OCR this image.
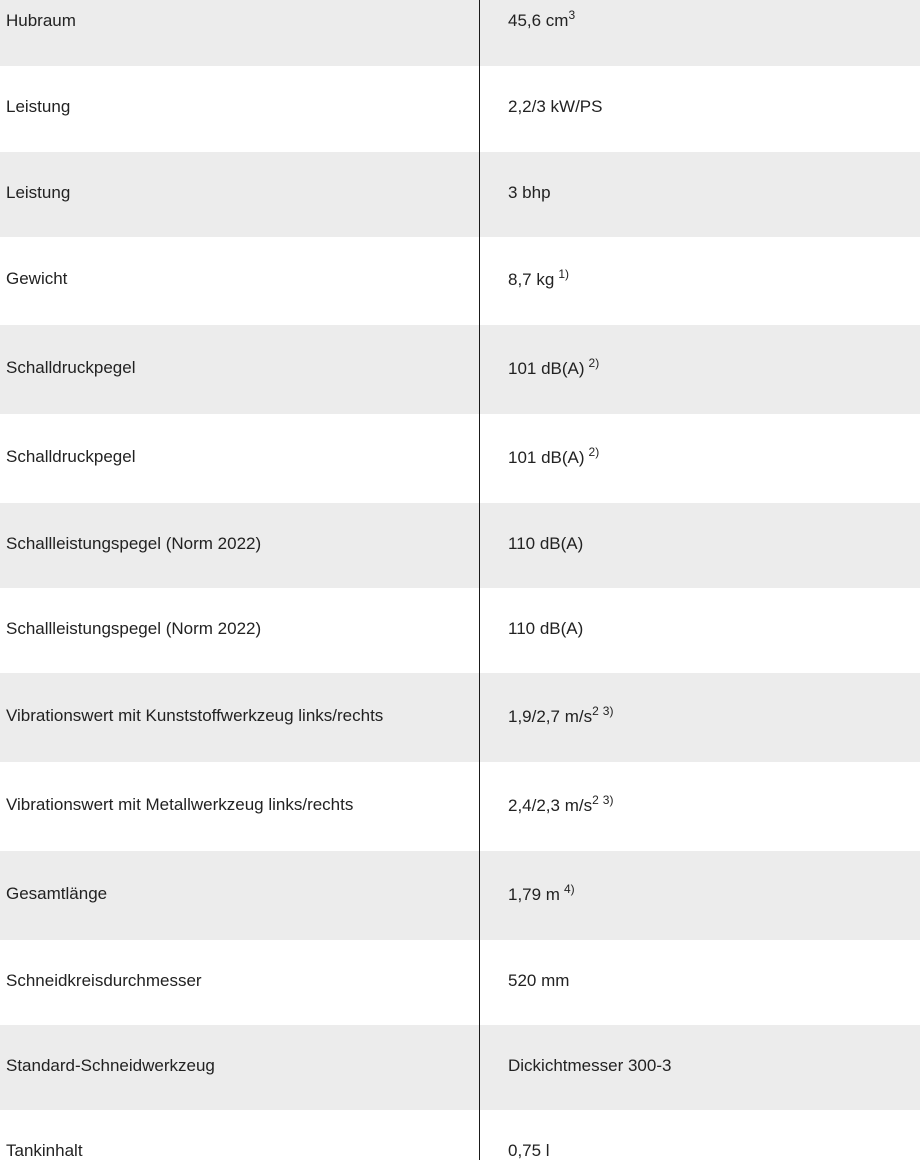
Hubraum	45,6 $cm^3$
Leistung	2,2/3 kW/PS
Leistung	3 bhp
Gewicht	8,7 kg $^{1)}$
Schalldruckpegel	101 dB(A) $^{2)}$
Schalldruckpegel	101 dB(A) $^{2)}$
Schallleistungspegel (Norm 2022)	110 dB(A)
Schallleistungspegel (Norm 2022)	110 dB(A)
Vibrationswert mit Kunststoffwerkzeug links/rechts	1,9/2,7 $m/s^2$ $^{3)}$
Vibrationswert mit Metallwerkzeug links/rechts	2,4/2,3 $m/s^2$ $^{3)}$
Gesamtlänge	1,79 m $^{4)}$
Schneidkreisdurchmesser	520 mm
Standard-Schneidwerkzeug	Dickichtmesser 300-3
Tankinhalt	0,75 l
